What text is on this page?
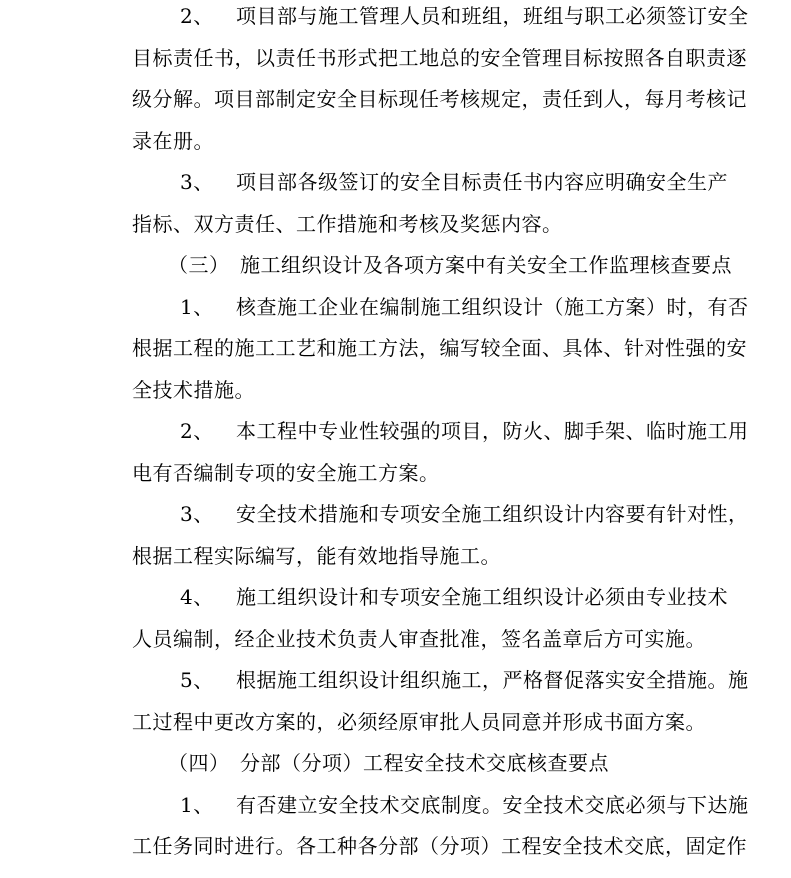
2、 项目部与施工管理人员和班组，班组与职工必须签订安全
目标责任书，以责任书形式把工地总的安全管理目标按照各自职责逐
级分解。项目部制定安全目标现任考核规定，责任到人，每月考核记
录在册。
3、 项目部各级签订的安全目标责任书内容应明确安全生产
指标、双方责任、工作措施和考核及奖惩内容。
（三） 施工组织设计及各项方案中有关安全工作监理核查要点
1、 核查施工企业在编制施工组织设计（施工方案）时，有否
根据工程的施工工艺和施工方法，编写较全面、具体、针对性强的安
全技术措施。
2、 本工程中专业性较强的项目，防火、脚手架、临时施工用
电有否编制专项的安全施工方案。
3、 安全技术措施和专项安全施工组织设计内容要有针对性，
根据工程实际编写，能有效地指导施工。
4、 施工组织设计和专项安全施工组织设计必须由专业技术
人员编制，经企业技术负责人审查批准，签名盖章后方可实施。
5、 根据施工组织设计组织施工，严格督促落实安全措施。施
工过程中更改方案的，必须经原审批人员同意并形成书面方案。
（四） 分部（分项）工程安全技术交底核查要点
1、 有否建立安全技术交底制度。安全技术交底必须与下达施
工任务同时进行。各工种各分部（分项）工程安全技术交底，固定作
